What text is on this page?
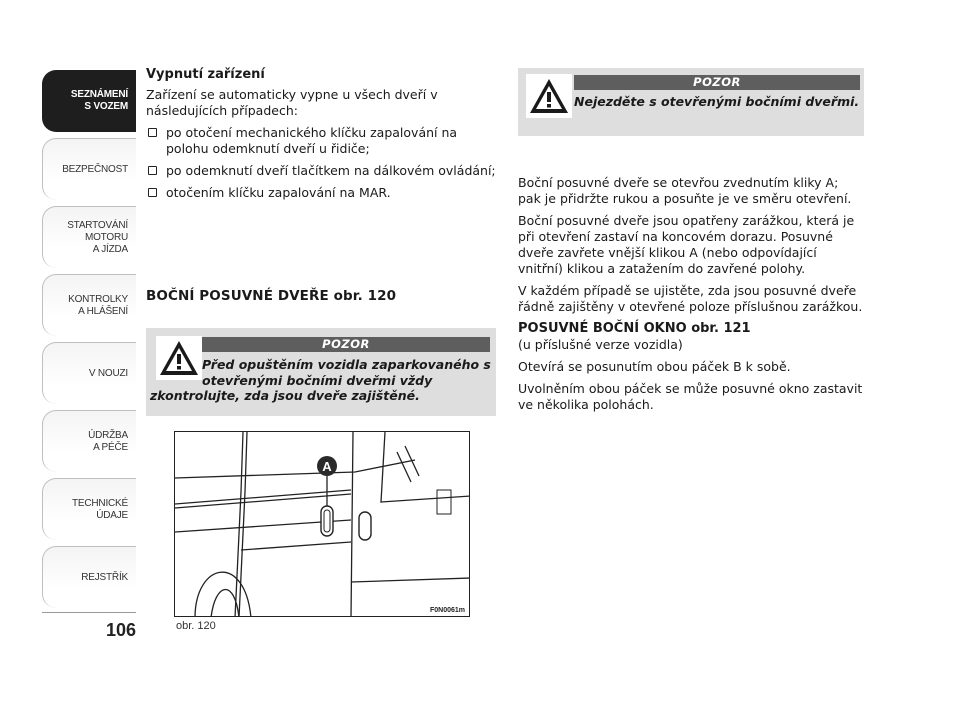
SEZNÁMENÍ
S VOZEM
BEZPEČNOST
STARTOVÁNÍ
MOTORU
A JÍZDA
KONTROLKY
A HLÁŠENÍ
V NOUZI
ÚDRŽBA
A PÉČE
TECHNICKÉ
ÚDAJE
REJSTŘÍK
106
Vypnutí zařízení

Zařízení se automaticky vypne u všech dveří v následujících případech:

po otočení mechanického klíčku zapalování na polohu odemknutí dveří u řidiče;
po odemknutí dveří tlačítkem na dálkovém ovládání;
otočením klíčku zapalování na MAR.
BOČNÍ POSUVNÉ DVEŘE obr. 120
POZOR
Před opuštěním vozidla zaparkovaného s otevřenými bočními dveřmi vždy
zkontrolujte, zda jsou dveře zajištěné.
A
F0N0061m
obr. 120
POZOR
Nejezděte s otevřenými bočními dveřmi.

Boční posuvné dveře se otevřou zvednutím kliky A; pak je přidržte rukou a posuňte je ve směru otevření.

Boční posuvné dveře jsou opatřeny zarážkou, která je při otevření zastaví na koncovém dorazu. Posuvné dveře zavřete vnější klikou A (nebo odpovídající vnitřní) klikou a zatažením do zavřené polohy.

V každém případě se ujistěte, zda jsou posuvné dveře řádně zajištěny v otevřené poloze příslušnou zarážkou.

POSUVNÉ BOČNÍ OKNO obr. 121

(u příslušné verze vozidla)

Otevírá se posunutím obou páček B k sobě.

Uvolněním obou páček se může posuvné okno zastavit ve několika polohách.
